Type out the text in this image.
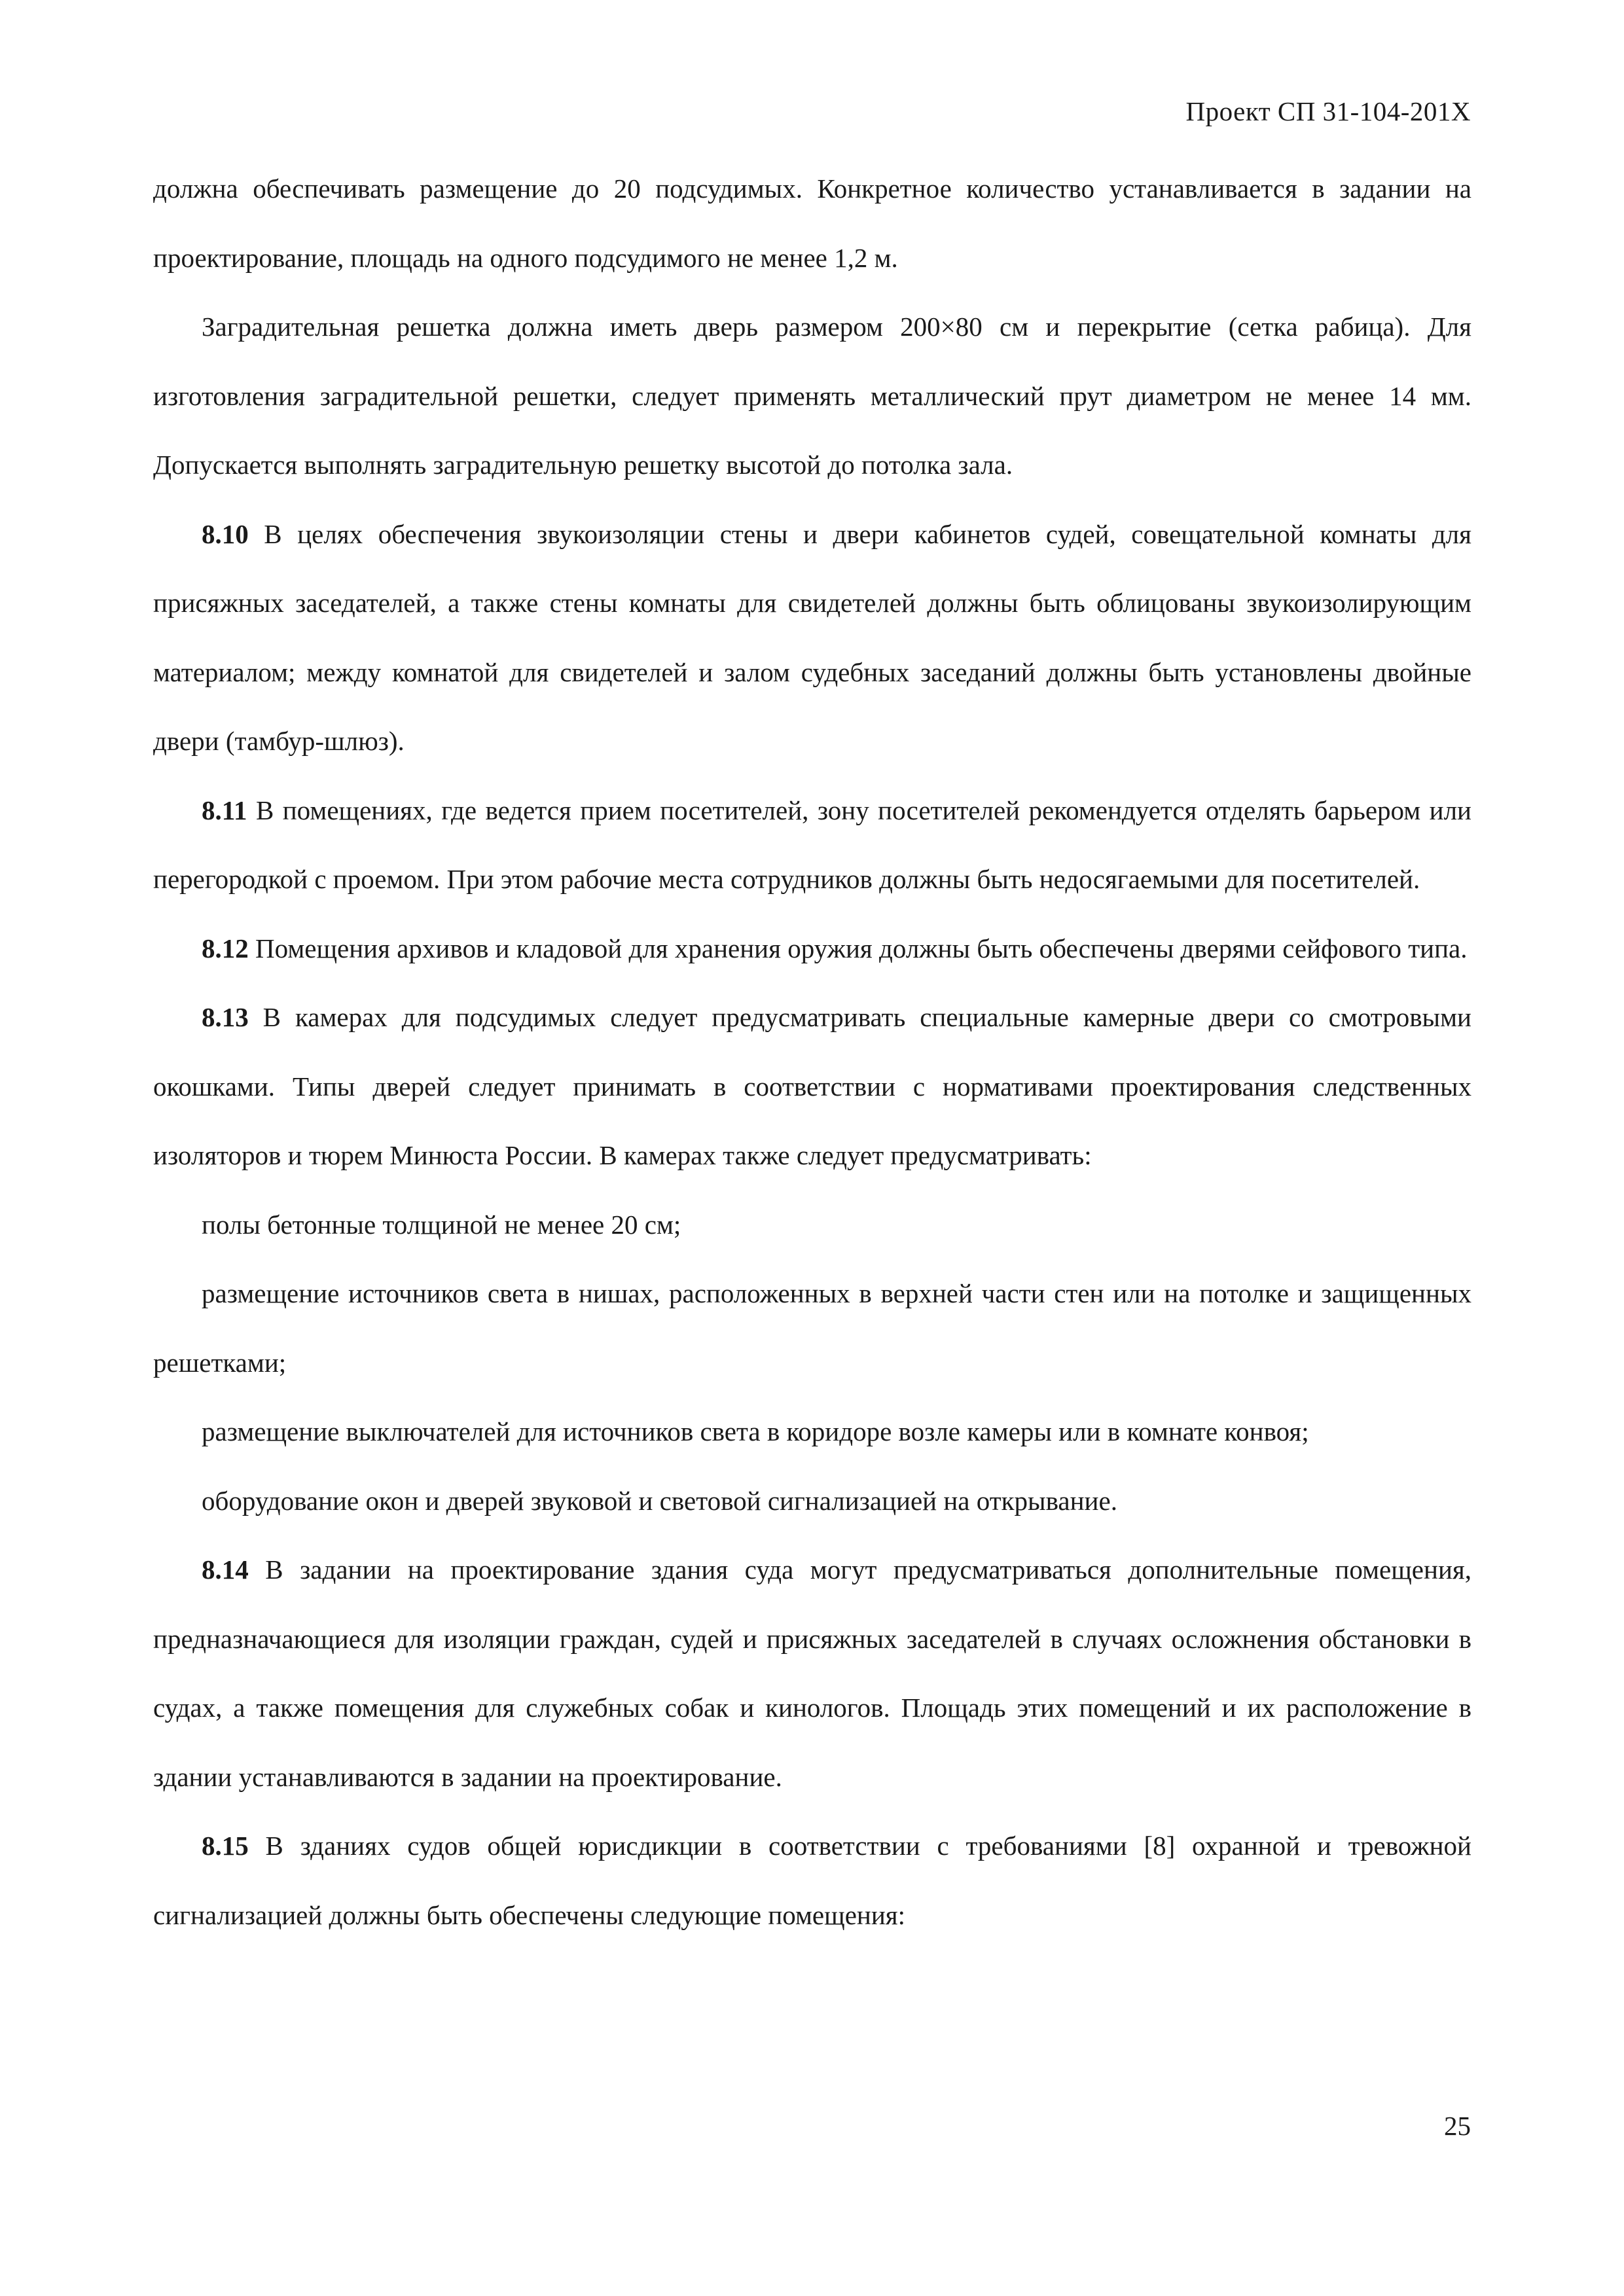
Проект СП 31-104-201Х

должна обеспечивать размещение до 20 подсудимых. Конкретное количество устанавливается в задании на проектирование, площадь на одного подсудимого не менее 1,2 м.

Заградительная решетка должна иметь дверь размером 200×80 см и перекрытие (сетка рабица). Для изготовления заградительной решетки, следует применять металлический прут диаметром не менее 14 мм. Допускается выполнять заградительную решетку высотой до потолка зала.

8.10 В целях обеспечения звукоизоляции стены и двери кабинетов судей, совещательной комнаты для присяжных заседателей, а также стены комнаты для свидетелей должны быть облицованы звукоизолирующим материалом; между комнатой для свидетелей и залом судебных заседаний должны быть установлены двойные двери (тамбур-шлюз).

8.11 В помещениях, где ведется прием посетителей, зону посетителей рекомендуется отделять барьером или перегородкой с проемом. При этом рабочие места сотрудников должны быть недосягаемыми для посетителей.

8.12 Помещения архивов и кладовой для хранения оружия должны быть обеспечены дверями сейфового типа.

8.13 В камерах для подсудимых следует предусматривать специальные камерные двери со смотровыми окошками. Типы дверей следует принимать в соответствии с нормативами проектирования следственных изоляторов и тюрем Минюста России. В камерах также следует предусматривать:

полы бетонные толщиной не менее 20 см;

размещение источников света в нишах, расположенных в верхней части стен или на потолке и защищенных решетками;

размещение выключателей для источников света в коридоре возле камеры или в комнате конвоя;

оборудование окон и дверей звуковой и световой сигнализацией на открывание.

8.14 В задании на проектирование здания суда могут предусматриваться дополнительные помещения, предназначающиеся для изоляции граждан, судей и присяжных заседателей в случаях осложнения обстановки в судах, а также помещения для служебных собак и кинологов. Площадь этих помещений и их расположение в здании устанавливаются в задании на проектирование.

8.15 В зданиях судов общей юрисдикции в соответствии с требованиями [8] охранной и тревожной сигнализацией должны быть обеспечены следующие помещения:

25
